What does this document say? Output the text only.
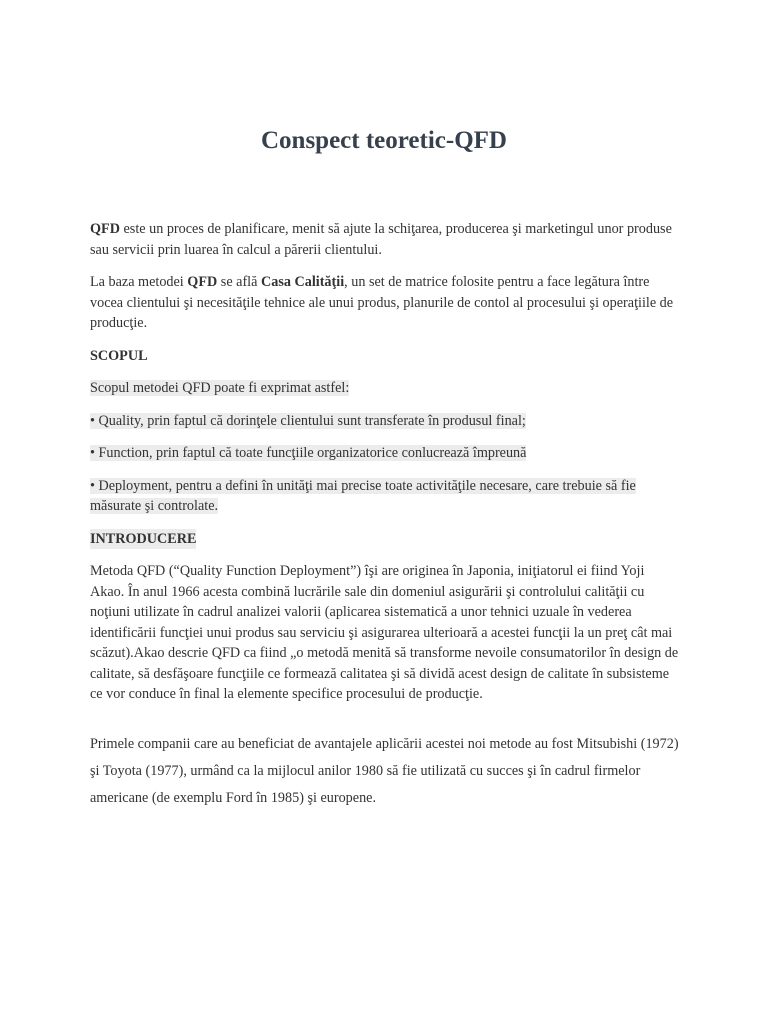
Conspect teoretic-QFD

QFD este un proces de planificare, menit să ajute la schiţarea, producerea şi marketingul unor produse sau servicii prin luarea în calcul a părerii clientului.

La baza metodei QFD se află Casa Calităţii, un set de matrice folosite pentru a face legătura între vocea clientului şi necesităţile tehnice ale unui produs, planurile de contol al procesului şi operaţiile de producţie.

SCOPUL
Scopul metodei QFD poate fi exprimat astfel:
• Quality, prin faptul că dorinţele clientului sunt transferate în produsul final;
• Function, prin faptul că toate funcţiile organizatorice conlucrează împreună
• Deployment, pentru a defini în unităţi mai precise toate activităţile necesare, care trebuie să fie măsurate şi controlate.
INTRODUCERE

Metoda QFD (“Quality Function Deployment”) îşi are originea în Japonia, iniţiatorul ei fiind Yoji Akao. În anul 1966 acesta combină lucrările sale din domeniul asigurării şi controlului calităţii cu noţiuni utilizate în cadrul analizei valorii (aplicarea sistematică a unor tehnici uzuale în vederea identificării funcţiei unui produs sau serviciu şi asigurarea ulterioară a acestei funcţii la un preţ cât mai scăzut).Akao descrie QFD ca fiind „o metodă menită să transforme nevoile consumatorilor în design de calitate, să desfăşoare funcţiile ce formează calitatea şi să dividă acest design de calitate în subsisteme ce vor conduce în final la elemente specifice procesului de producţie.

Primele companii care au beneficiat de avantajele aplicării acestei noi metode au fost Mitsubishi (1972) şi Toyota (1977), urmând ca la mijlocul anilor 1980 să fie utilizată cu succes şi în cadrul firmelor americane (de exemplu Ford în 1985) şi europene.
